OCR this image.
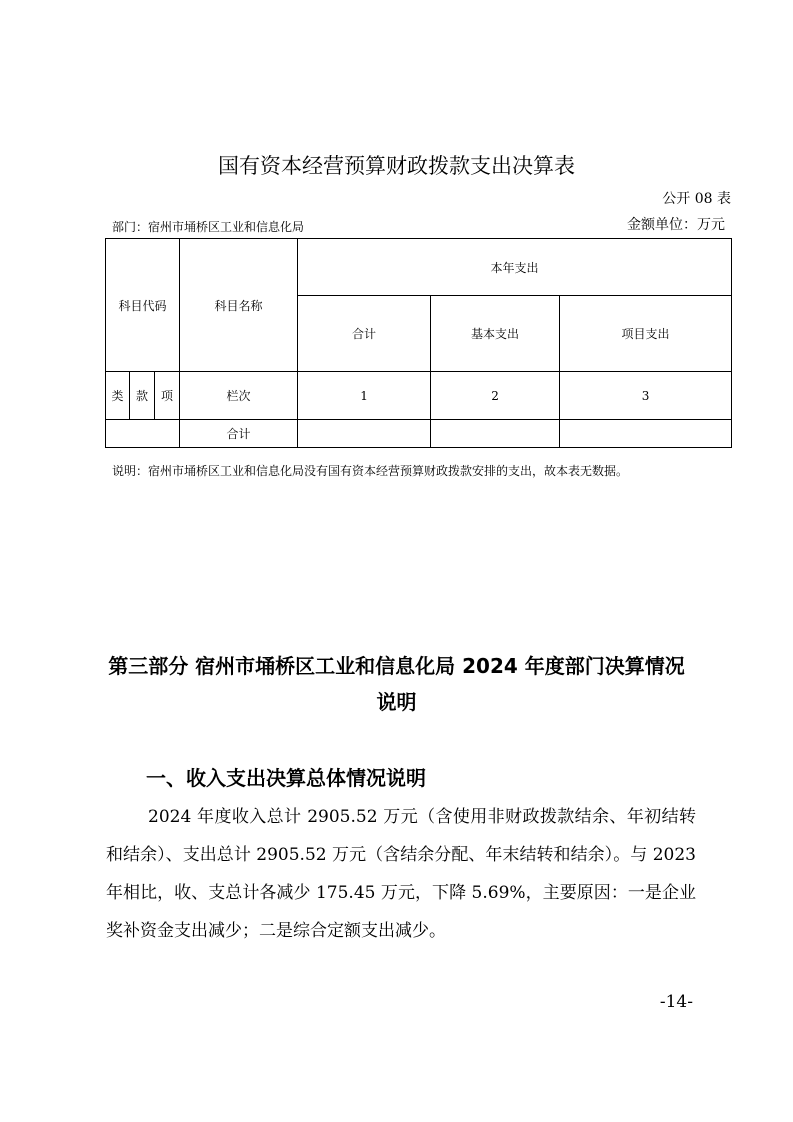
国有资本经营预算财政拨款支出决算表
公开 08 表
部门：宿州市埇桥区工业和信息化局	金额单位：万元
科目代码			科目名称	本年支出		
				合计	基本支出	项目支出
类	款	项	栏次	1	2	3
			合计			
说明：宿州市埇桥区工业和信息化局没有国有资本经营预算财政拨款安排的支出，故本表无数据。
第三部分 宿州市埇桥区工业和信息化局 2024 年度部门决算情况
说明
一、收入支出决算总体情况说明
2024 年度收入总计 2905.52 万元（含使用非财政拨款结余、年初结转和结余）、支出总计 2905.52 万元（含结余分配、年末结转和结余）。与 2023 年相比，收、支总计各减少 175.45 万元，下降 5.69%，主要原因：一是企业奖补资金支出减少；二是综合定额支出减少。
-14-
